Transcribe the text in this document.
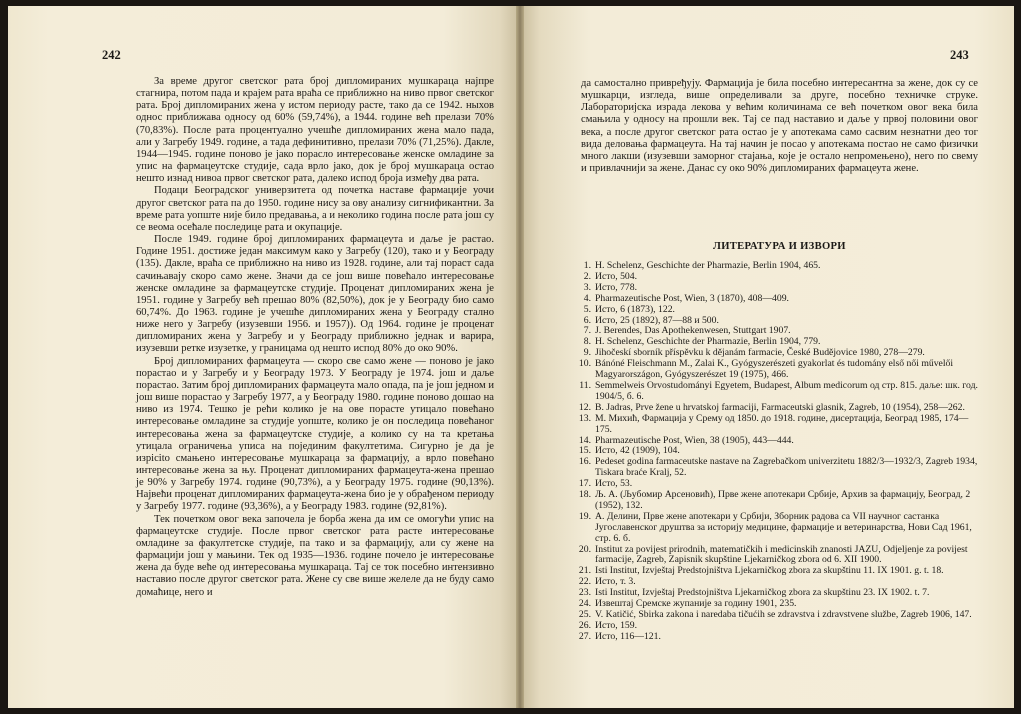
242

За време другог светског рата број дипломираних мушкараца најпре стагнира, потом пада и крајем рата враћа се приближно на ниво првог светског рата. Број дипломираних жена у истом периоду расте, тако да се 1942. ныхов однос приближава односу од 60% (59,74%), а 1944. године већ прелази 70% (70,83%). После рата процентуално учешће дипломираних жена мало пада, али у Загребу 1949. године, а тада дефинитивно, прелази 70% (71,25%). Дакле, 1944—1945. године поново је јако порасло интересовање женске омладине за упис на фармацеутске студије, сада врло јако, док је број мушкараца остао нешто изнад нивоа првог светског рата, далеко испод броја између два рата.

Подаци Београдског универзитета од почетка наставе фармације уочи другог светског рата па до 1950. године нису за ову анализу сигнификантни. За време рата уопште није било предавања, а и неколико година после рата још су се веома осећале последице рата и окупације.

После 1949. године број дипломираних фармацеута и даље је растао. Године 1951. достиже један максимум како у Загребу (120), тако и у Београду (135). Дакле, враћа се приближно на ниво из 1928. године, али тај пораст сада сачињавају скоро само жене. Значи да се још више повећало интересовање женске омладине за фармацеутске студије. Проценат дипломираних жена је 1951. године у Загребу већ прешао 80% (82,50%), док је у Београду био само 60,74%. До 1963. године је учешће дипломираних жена у Београду стално ниже него у Загребу (изузевши 1956. и 1957)). Од 1964. године је проценат дипломираних жена у Загребу и у Београду приближно једнак и варира, изузевши ретке изузетке, у границама од нешто испод 80% до око 90%.

Број дипломираних фармацеута — скоро све само жене — поново је јако порастао и у Загребу и у Београду 1973. У Београду је 1974. још и даље порастао. Затим број дипломираних фармацеута мало опада, па је још једном и још више порастао у Загребу 1977, а у Београду 1980. године поново дошао на ниво из 1974. Тешко је рећи колико је на ове порасте утицало повећано интересовање омладине за студије уопште, колико је он последица повећаног интересовања жена за фармацеутске студије, а колико су на та кретања утицала ограничења уписа на појединим факултетима. Сигурно је да је изрicito смањено интересовање мушкараца за фармацију, а врло повећано интересовање жена за њу. Проценат дипломираних фармацеута-жена прешао је 90% у Загребу 1974. године (90,73%), а у Београду 1975. године (90,13%). Највећи проценат дипломираних фармацеута-жена био је у обрађеном периоду у Загребу 1977. године (93,36%), а у Београду 1983. године (92,81%).

Тек почетком овог века започела је борба жена да им се омогући упис на фармацеутске студије. После првог светског рата расте интересовање омладине за факултетске студије, па тако и за фармацију, али су жене на фармацији још у мањини. Тек од 1935—1936. године почело је интересовање жена да буде веће од интересовања мушкараца. Тај се ток посебно интензивно наставио после другог светског рата. Жене су све више желеле да не буду само домаћице, него и

243

да самостално привређују. Фармација је била посебно интересантна за жене, док су се мушкарци, изгледа, више определивали за друге, посебно техничке струке. Лабораторијска израда лекова у већим количинама се већ почетком овог века била смањила у односу на прошли век. Тај се пад наставио и даље у првој половини овог века, а после другог светског рата остао је у апотекама само сасвим незнатни део тог вида деловања фармацеута. На тај начин је посао у апотекама постао не само физички много лакши (изузевши заморног стајања, које је остало непромењено), него по свему и привлачнији за жене. Данас су око 90% дипломираних фармацеута жене.

ЛИТЕРАТУРА И ИЗВОРИ
1. H. Schelenz, Geschichte der Pharmazie, Berlin 1904, 465.
2. Исто, 504.
3. Исто, 778.
4. Pharmazeutische Post, Wien, 3 (1870), 408—409.
5. Исто, 6 (1873), 122.
6. Исто, 25 (1892), 87—88 и 500.
7. J. Berendes, Das Apothekenwesen, Stuttgart 1907.
8. H. Schelenz, Geschichte der Pharmazie, Berlin 1904, 779.
9. Jihočeskí sborník příspěvku k dějanám farmacie, České Budějovice 1980, 278—279.
10. Bánóné Fleischmann M., Zalai K., Gyógyszerészeti gyakorlat és tudomány első női művelői Magyarországon, Gyógyszerészet 19 (1975), 466.
11. Semmelweis Orvostudományi Egyetem, Budapest, Album medicorum од стр. 815. даље: шк. год. 1904/5, б. 6.
12. B. Jadras, Prve žene u hrvatskoj farmaciji, Farmaceutski glasnik, Zagreb, 10 (1954), 258—262.
13. М. Михић, Фармација у Срему од 1850. до 1918. године, дисертација, Београд 1985, 174—175.
14. Pharmazeutische Post, Wien, 38 (1905), 443—444.
15. Исто, 42 (1909), 104.
16. Pedeset godina farmaceutske nastave na Zagrebačkom univerzitetu 1882/3—1932/3, Zagreb 1934, Tiskara braće Kralj, 52.
17. Исто, 53.
18. Љ. А. (Љубомир Арсеновић), Прве жене апотекари Србије, Архив за фармацију, Београд, 2 (1952), 132.
19. А. Делини, Прве жене апотекари у Србији, Зборник радова са VII научног састанка Југославенског друштва за историју медицине, фармације и ветеринарства, Нови Сад 1961, стр. 6. б.
20. Institut za povijest prirodnih, matematičkih i medicinskih znanosti JAZU, Odjeljenje za povijest farmacije, Zagreb, Zapisnik skupštine Ljekarničkog zbora od 6. XII 1900.
21. Isti Institut, Izvještaj Predstojništva Ljekarničkog zbora za skupštinu 11. IX 1901. g. t. 18.
22. Исто, т. 3.
23. Isti Institut, Izvještaj Predstojništva Ljekarničkog zbora za skupštinu 23. IX 1902. t. 7.
24. Извештај Сремске жупаније за годину 1901, 235.
25. V. Katičić, Sbirka zakona i naredaba tičućih se zdravstva i zdravstvene službe, Zagreb 1906, 147.
26. Исто, 159.
27. Исто, 116—121.
